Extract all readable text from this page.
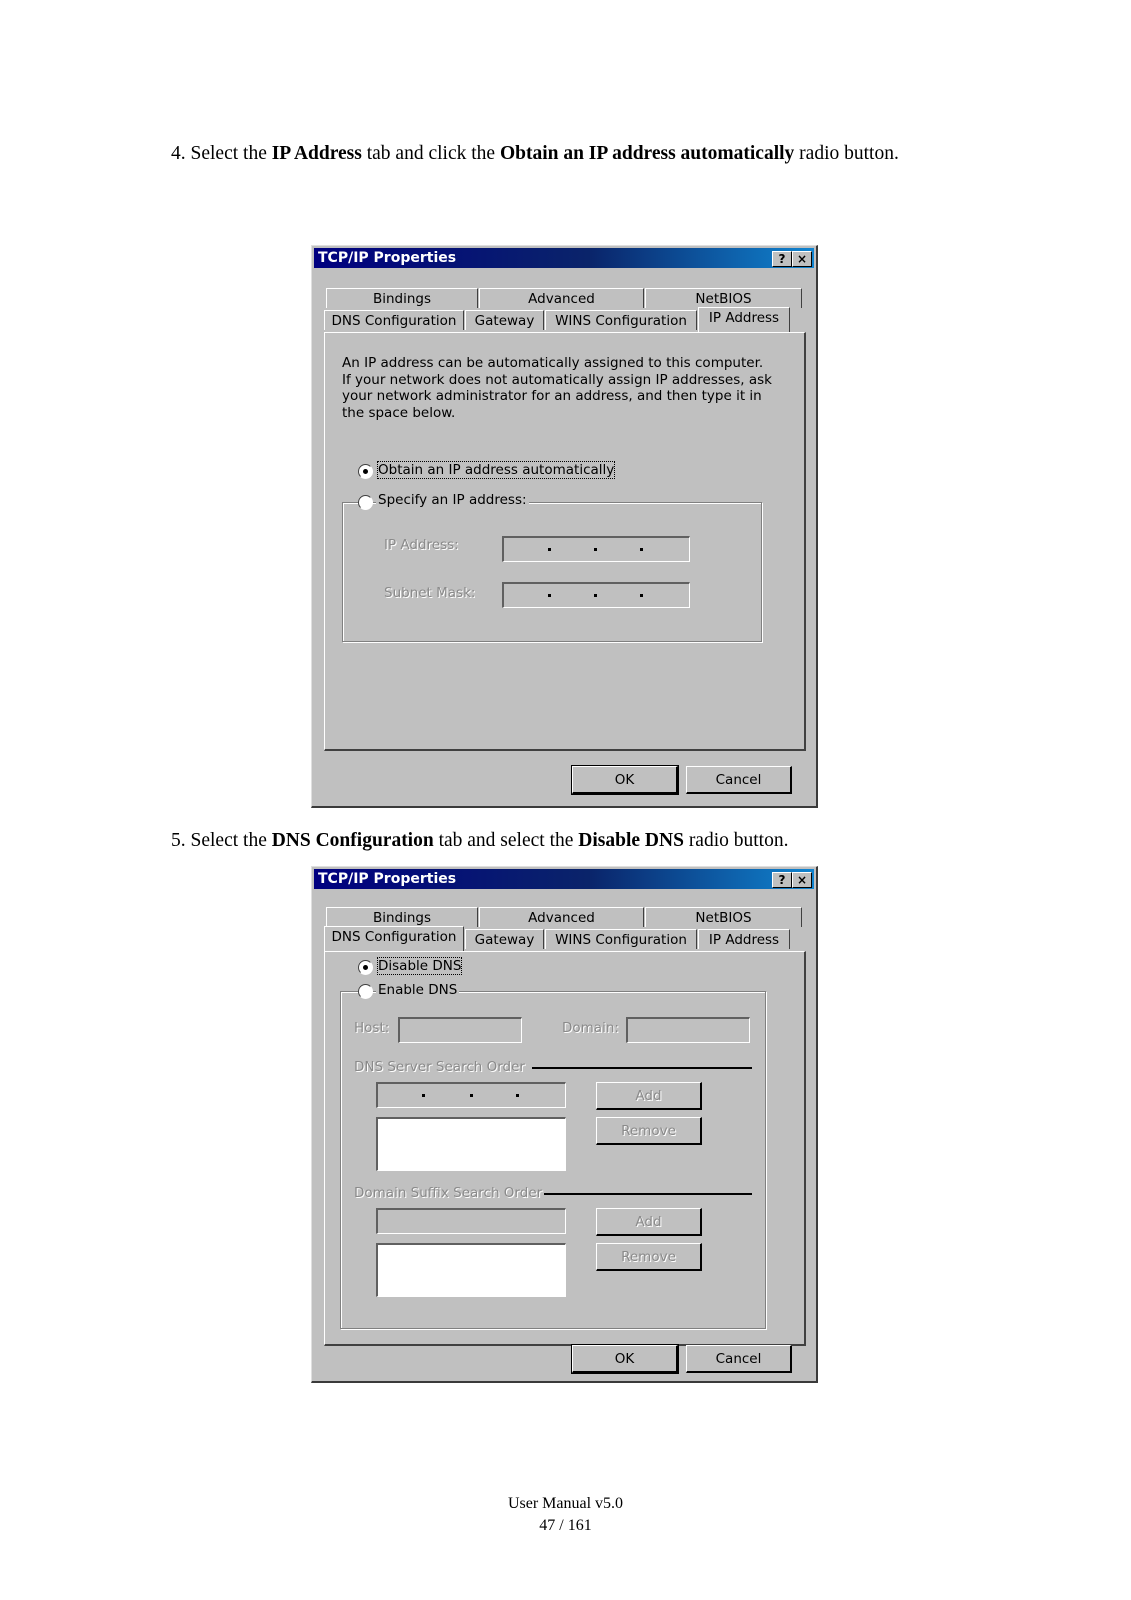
4. Select the IP Address tab and click the Obtain an IP address automatically radio button.
TCP/IP Properties	? ×
Bindings	Advanced	NetBIOS
DNS Configuration	Gateway	WINS Configuration	IP Address
An IP address can be automatically assigned to this computer. If your network does not automatically assign IP addresses, ask your network administrator for an address, and then type it in the space below.
Obtain an IP address automatically
Specify an IP address:
IP Address:
Subnet Mask:
OK	Cancel
5. Select the DNS Configuration tab and select the Disable DNS radio button.
TCP/IP Properties	? ×
Bindings	Advanced	NetBIOS
DNS Configuration	Gateway	WINS Configuration	IP Address
Disable DNS
Enable DNS
Host:	Domain:
DNS Server Search Order
Add
Remove
Domain Suffix Search Order
Add
Remove
OK	Cancel
User Manual v5.0
47 / 161
